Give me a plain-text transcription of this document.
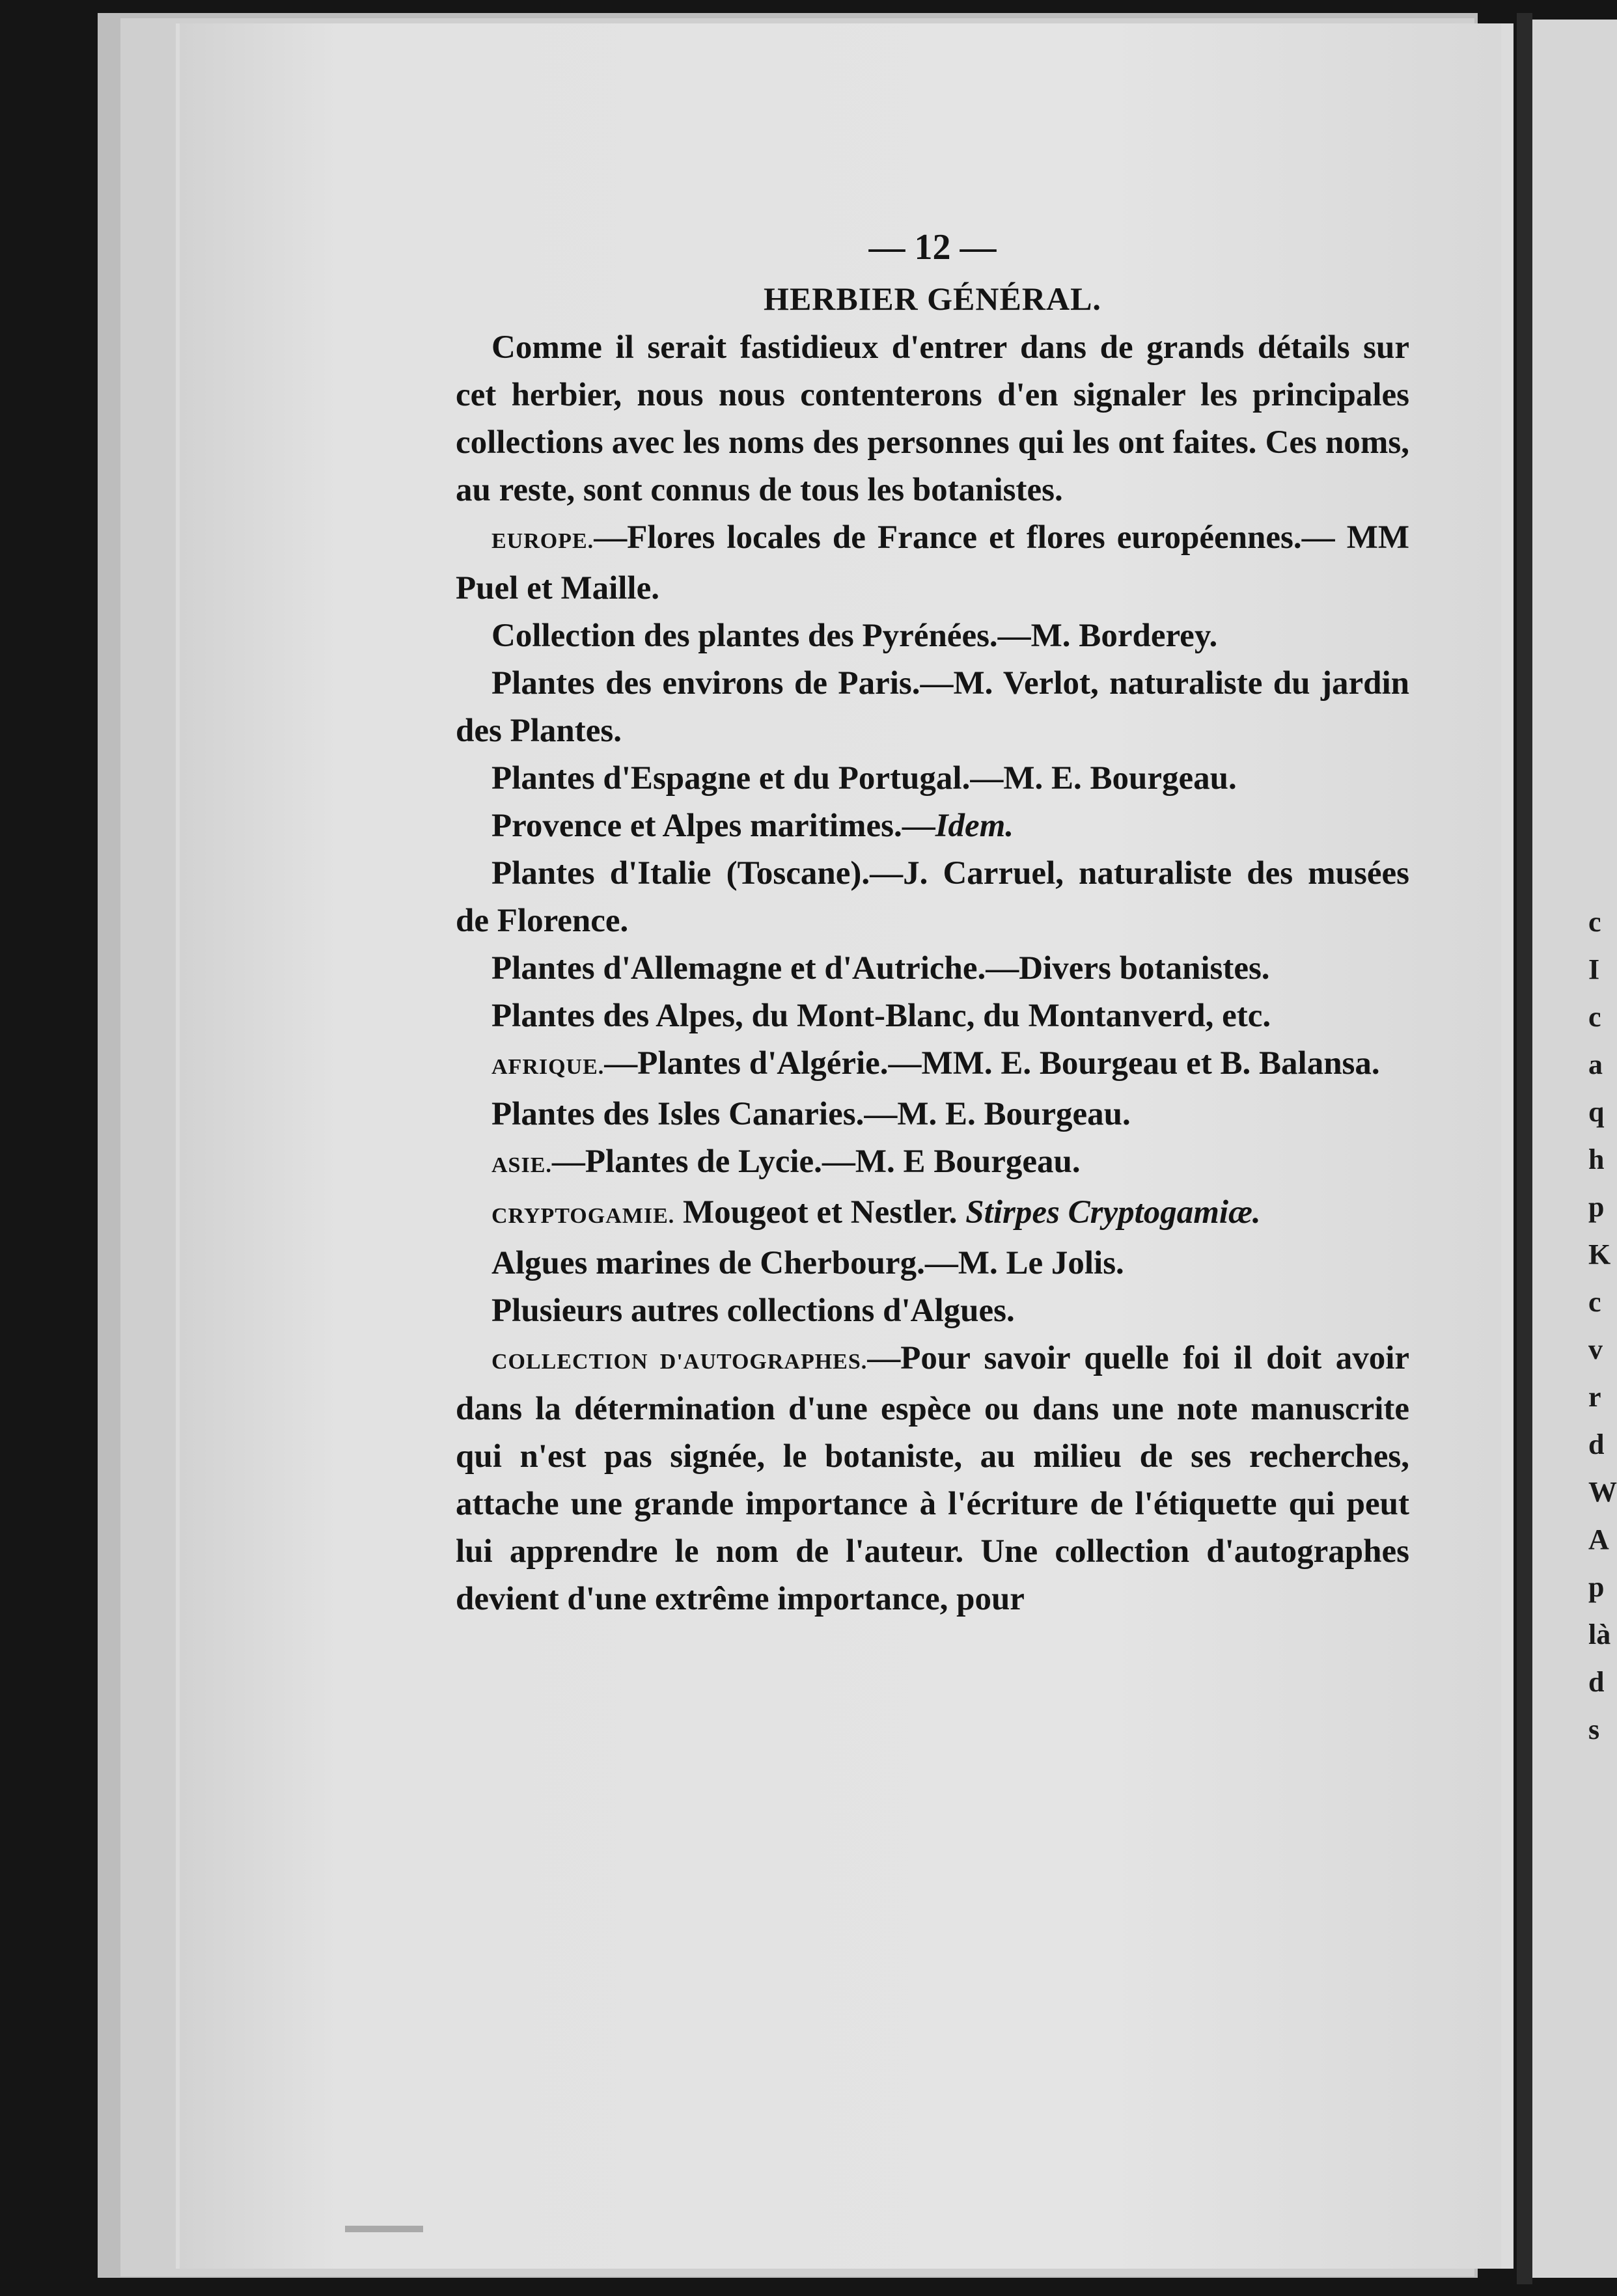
c
I
c
a
q
h
p
K
c
v
r
d
W
A
p
là
d
s
— 12 —
HERBIER GÉNÉRAL.

Comme il serait fastidieux d'entrer dans de grands détails sur cet herbier, nous nous contenterons d'en signaler les principales collections avec les noms des personnes qui les ont faites. Ces noms, au reste, sont connus de tous les botanistes.

EUROPE.—Flores locales de France et flores européennes.— MM Puel et Maille.

Collection des plantes des Pyrénées.—M. Borderey.

Plantes des environs de Paris.—M. Verlot, naturaliste du jardin des Plantes.

Plantes d'Espagne et du Portugal.—M. E. Bourgeau.

Provence et Alpes maritimes.—Idem.

Plantes d'Italie (Toscane).—J. Carruel, naturaliste des musées de Florence.

Plantes d'Allemagne et d'Autriche.—Divers botanistes.

Plantes des Alpes, du Mont-Blanc, du Montanverd, etc.

AFRIQUE.—Plantes d'Algérie.—MM. E. Bourgeau et B. Balansa.

Plantes des Isles Canaries.—M. E. Bourgeau.

ASIE.—Plantes de Lycie.—M. E Bourgeau.

CRYPTOGAMIE. Mougeot et Nestler. Stirpes Cryptogamiæ.

Algues marines de Cherbourg.—M. Le Jolis.

Plusieurs autres collections d'Algues.

COLLECTION D'AUTOGRAPHES.—Pour savoir quelle foi il doit avoir dans la détermination d'une espèce ou dans une note manuscrite qui n'est pas signée, le botaniste, au milieu de ses recherches, attache une grande importance à l'écriture de l'étiquette qui peut lui apprendre le nom de l'auteur. Une collection d'autographes devient d'une extrême importance, pour
